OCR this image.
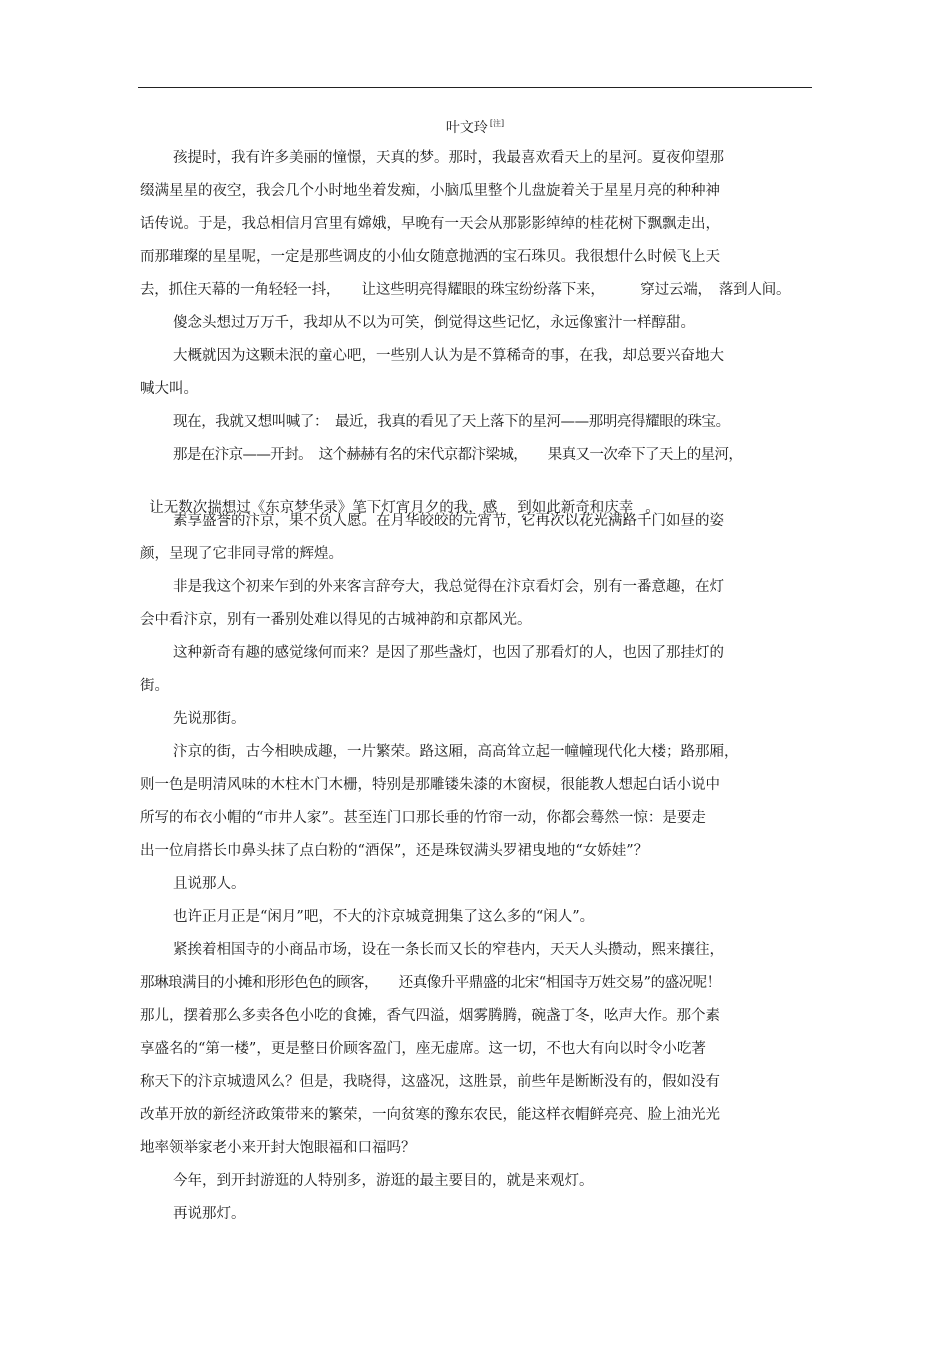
叶文玲 [注]
孩提时，我有许多美丽的憧憬，天真的梦。那时，我最喜欢看天上的星河。夏夜仰望那
缀满星星的夜空，我会几个小时地坐着发痴，小脑瓜里整个儿盘旋着关于星星月亮的种种神
话传说。于是，我总相信月宫里有嫦娥，早晚有一天会从那影影绰绰的桂花树下飘飘走出，
而那璀璨的星星呢，一定是那些调皮的小仙女随意抛洒的宝石珠贝。我很想什么时候飞上天
去，抓住天幕的一角轻轻一抖，　　让这些明亮得耀眼的珠宝纷纷落下来，　　　穿过云端，　落到人间。
傻念头想过万万千，我却从不以为可笑，倒觉得这些记忆，永远像蜜汁一样醇甜。
大概就因为这颗未泯的童心吧，一些别人认为是不算稀奇的事，在我，却总要兴奋地大
喊大叫。
现在，我就又想叫喊了：　最近，我真的看见了天上落下的星河——那明亮得耀眼的珠宝。
那是在汴京——开封。　这个赫赫有名的宋代京都汴梁城，　　果真又一次牵下了天上的星河，

让无数次揣想过《东京梦华录》笔下灯宵月夕的我，感 到如此新奇和庆幸 。

素享盛誉的汴京，果不负人愿。在月华皎皎的元宵节，它再次以花光满路千门如昼的姿
颜，呈现了它非同寻常的辉煌。
非是我这个初来乍到的外来客言辞夸大，我总觉得在汴京看灯会，别有一番意趣，在灯
会中看汴京，别有一番别处难以得见的古城神韵和京都风光。
这种新奇有趣的感觉缘何而来？是因了那些盏灯，也因了那看灯的人，也因了那挂灯的
街。
先说那街。
汴京的街，古今相映成趣，一片繁荣。路这厢，高高耸立起一幢幢现代化大楼；路那厢，
则一色是明清风味的木柱木门木栅，特别是那雕镂朱漆的木窗棂，很能教人想起白话小说中
所写的布衣小帽的“市井人家”。甚至连门口那长垂的竹帘一动，你都会蓦然一惊：是要走
出一位肩搭长巾鼻头抹了点白粉的“酒保”，还是珠钗满头罗裙曳地的“女娇娃”？
且说那人。
也许正月正是“闲月”吧，不大的汴京城竟拥集了这么多的“闲人”。
紧挨着相国寺的小商品市场，设在一条长而又长的窄巷内，天天人头攒动，熙来攘往，
那琳琅满目的小摊和形形色色的顾客，　　还真像升平鼎盛的北宋“相国寺万姓交易”的盛况呢！
那儿，摆着那么多卖各色小吃的食摊，香气四溢，烟雾腾腾，碗盏丁冬，吆声大作。那个素
享盛名的“第一楼”，更是整日价顾客盈门，座无虚席。这一切，不也大有向以时令小吃著
称天下的汴京城遗风么？但是，我晓得，这盛况，这胜景，前些年是断断没有的，假如没有
改革开放的新经济政策带来的繁荣，一向贫寒的豫东农民，能这样衣帽鲜亮亮、脸上油光光
地率领举家老小来开封大饱眼福和口福吗？
今年，到开封游逛的人特别多，游逛的最主要目的，就是来观灯。
再说那灯。
